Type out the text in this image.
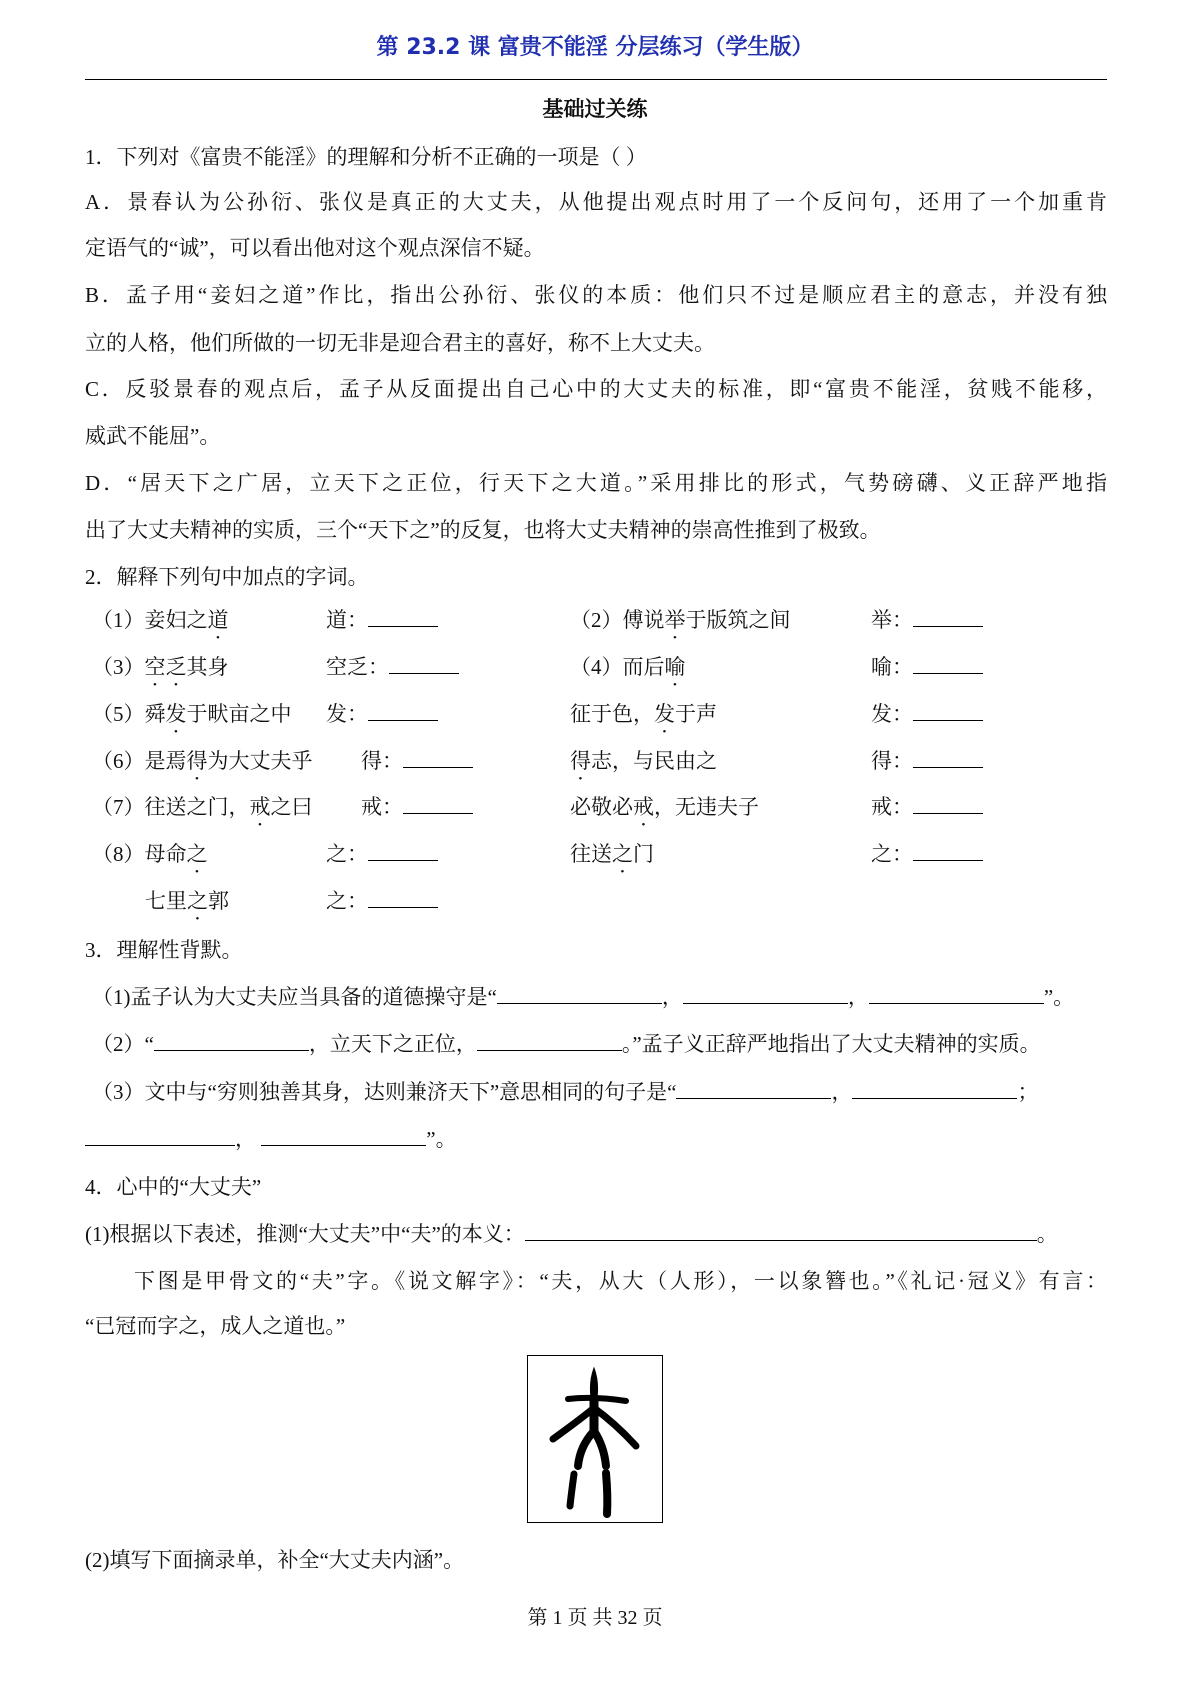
第 23.2 课 富贵不能淫 分层练习（学生版）
基础过关练
1．下列对《富贵不能淫》的理解和分析不正确的一项是（ ）
A．景春认为公孙衍、张仪是真正的大丈夫，从他提出观点时用了一个反问句，还用了一个加重肯
定语气的“诚”，可以看出他对这个观点深信不疑。
B．孟子用“妾妇之道”作比，指出公孙衍、张仪的本质：他们只不过是顺应君主的意志，并没有独
立的人格，他们所做的一切无非是迎合君主的喜好，称不上大丈夫。
C．反驳景春的观点后，孟子从反面提出自己心中的大丈夫的标准，即“富贵不能淫，贫贱不能移，
威武不能屈”。
D．“居天下之广居，立天下之正位，行天下之大道。”采用排比的形式，气势磅礴、义正辞严地指
出了大丈夫精神的实质，三个“天下之”的反复，也将大丈夫精神的崇高性推到了极致。
2．解释下列句中加点的字词。
（1）妾妇之道	道：	（2）傅说举于版筑之间	举：
（3）空乏其身	空乏：	（4）而后喻	喻：
（5）舜发于畎亩之中 发：	征于色，发于声	发：
（6）是焉得为大丈夫乎 得：	得志，与民由之	得：
（7）往送之门，戒之曰 戒：	必敬必戒，无违夫子	戒：
（8）母命之	之：	往送之门	之：
七里之郭	之：
3．理解性背默。
（1)孟子认为大丈夫应当具备的道德操守是“	，	，	”。
（2）“	，立天下之正位，	。”孟子义正辞严地指出了大丈夫精神的实质。
（3）文中与“穷则独善其身，达则兼济天下”意思相同的句子是“	，	；
，	”。
4．心中的“大丈夫”
(1)根据以下表述，推测“大丈夫”中“夫”的本义：	。
下图是甲骨文的“夫”字。《说文解字》：“夫，从大（人形），一以象簪也。”《礼记·冠义》有言：
“已冠而字之，成人之道也。”
(2)填写下面摘录单，补全“大丈夫内涵”。
第 1 页 共 32 页
